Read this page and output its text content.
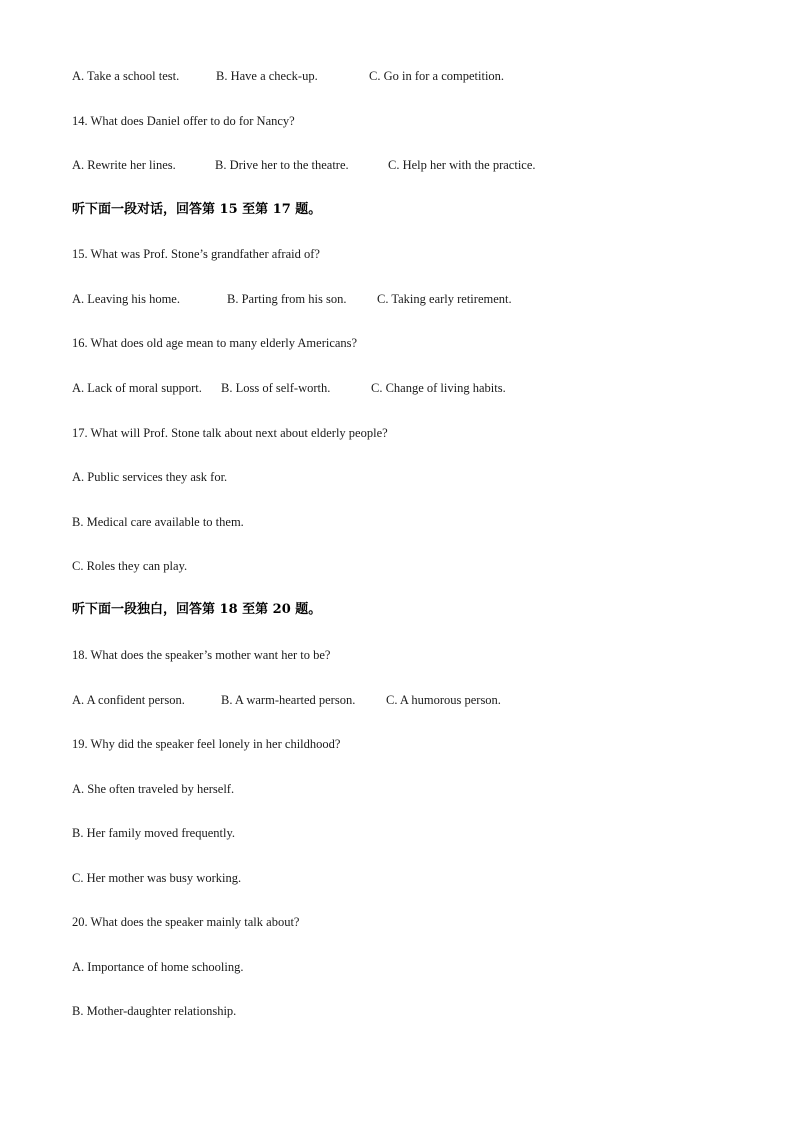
A. Take a school test.	B. Have a check-up.	C. Go in for a competition.
14. What does Daniel offer to do for Nancy?
A. Rewrite her lines.	B. Drive her to the theatre.	C. Help her with the practice.
听下面一段对话，回答第 15 至第 17 题。
15. What was Prof. Stone’s grandfather afraid of?
A. Leaving his home.	B. Parting from his son. C. Taking early retirement.
16. What does old age mean to many elderly Americans?
A. Lack of moral support. B. Loss of self-worth.	C. Change of living habits.
17. What will Prof. Stone talk about next about elderly people?
A. Public services they ask for.
B. Medical care available to them.
C. Roles they can play.
听下面一段独白，回答第 18 至第 20 题。
18. What does the speaker’s mother want her to be?
A. A confident person.	B. A warm-hearted person. C. A humorous person.
19. Why did the speaker feel lonely in her childhood?
A. She often traveled by herself.
B. Her family moved frequently.
C. Her mother was busy working.
20. What does the speaker mainly talk about?
A. Importance of home schooling.
B. Mother-daughter relationship.
